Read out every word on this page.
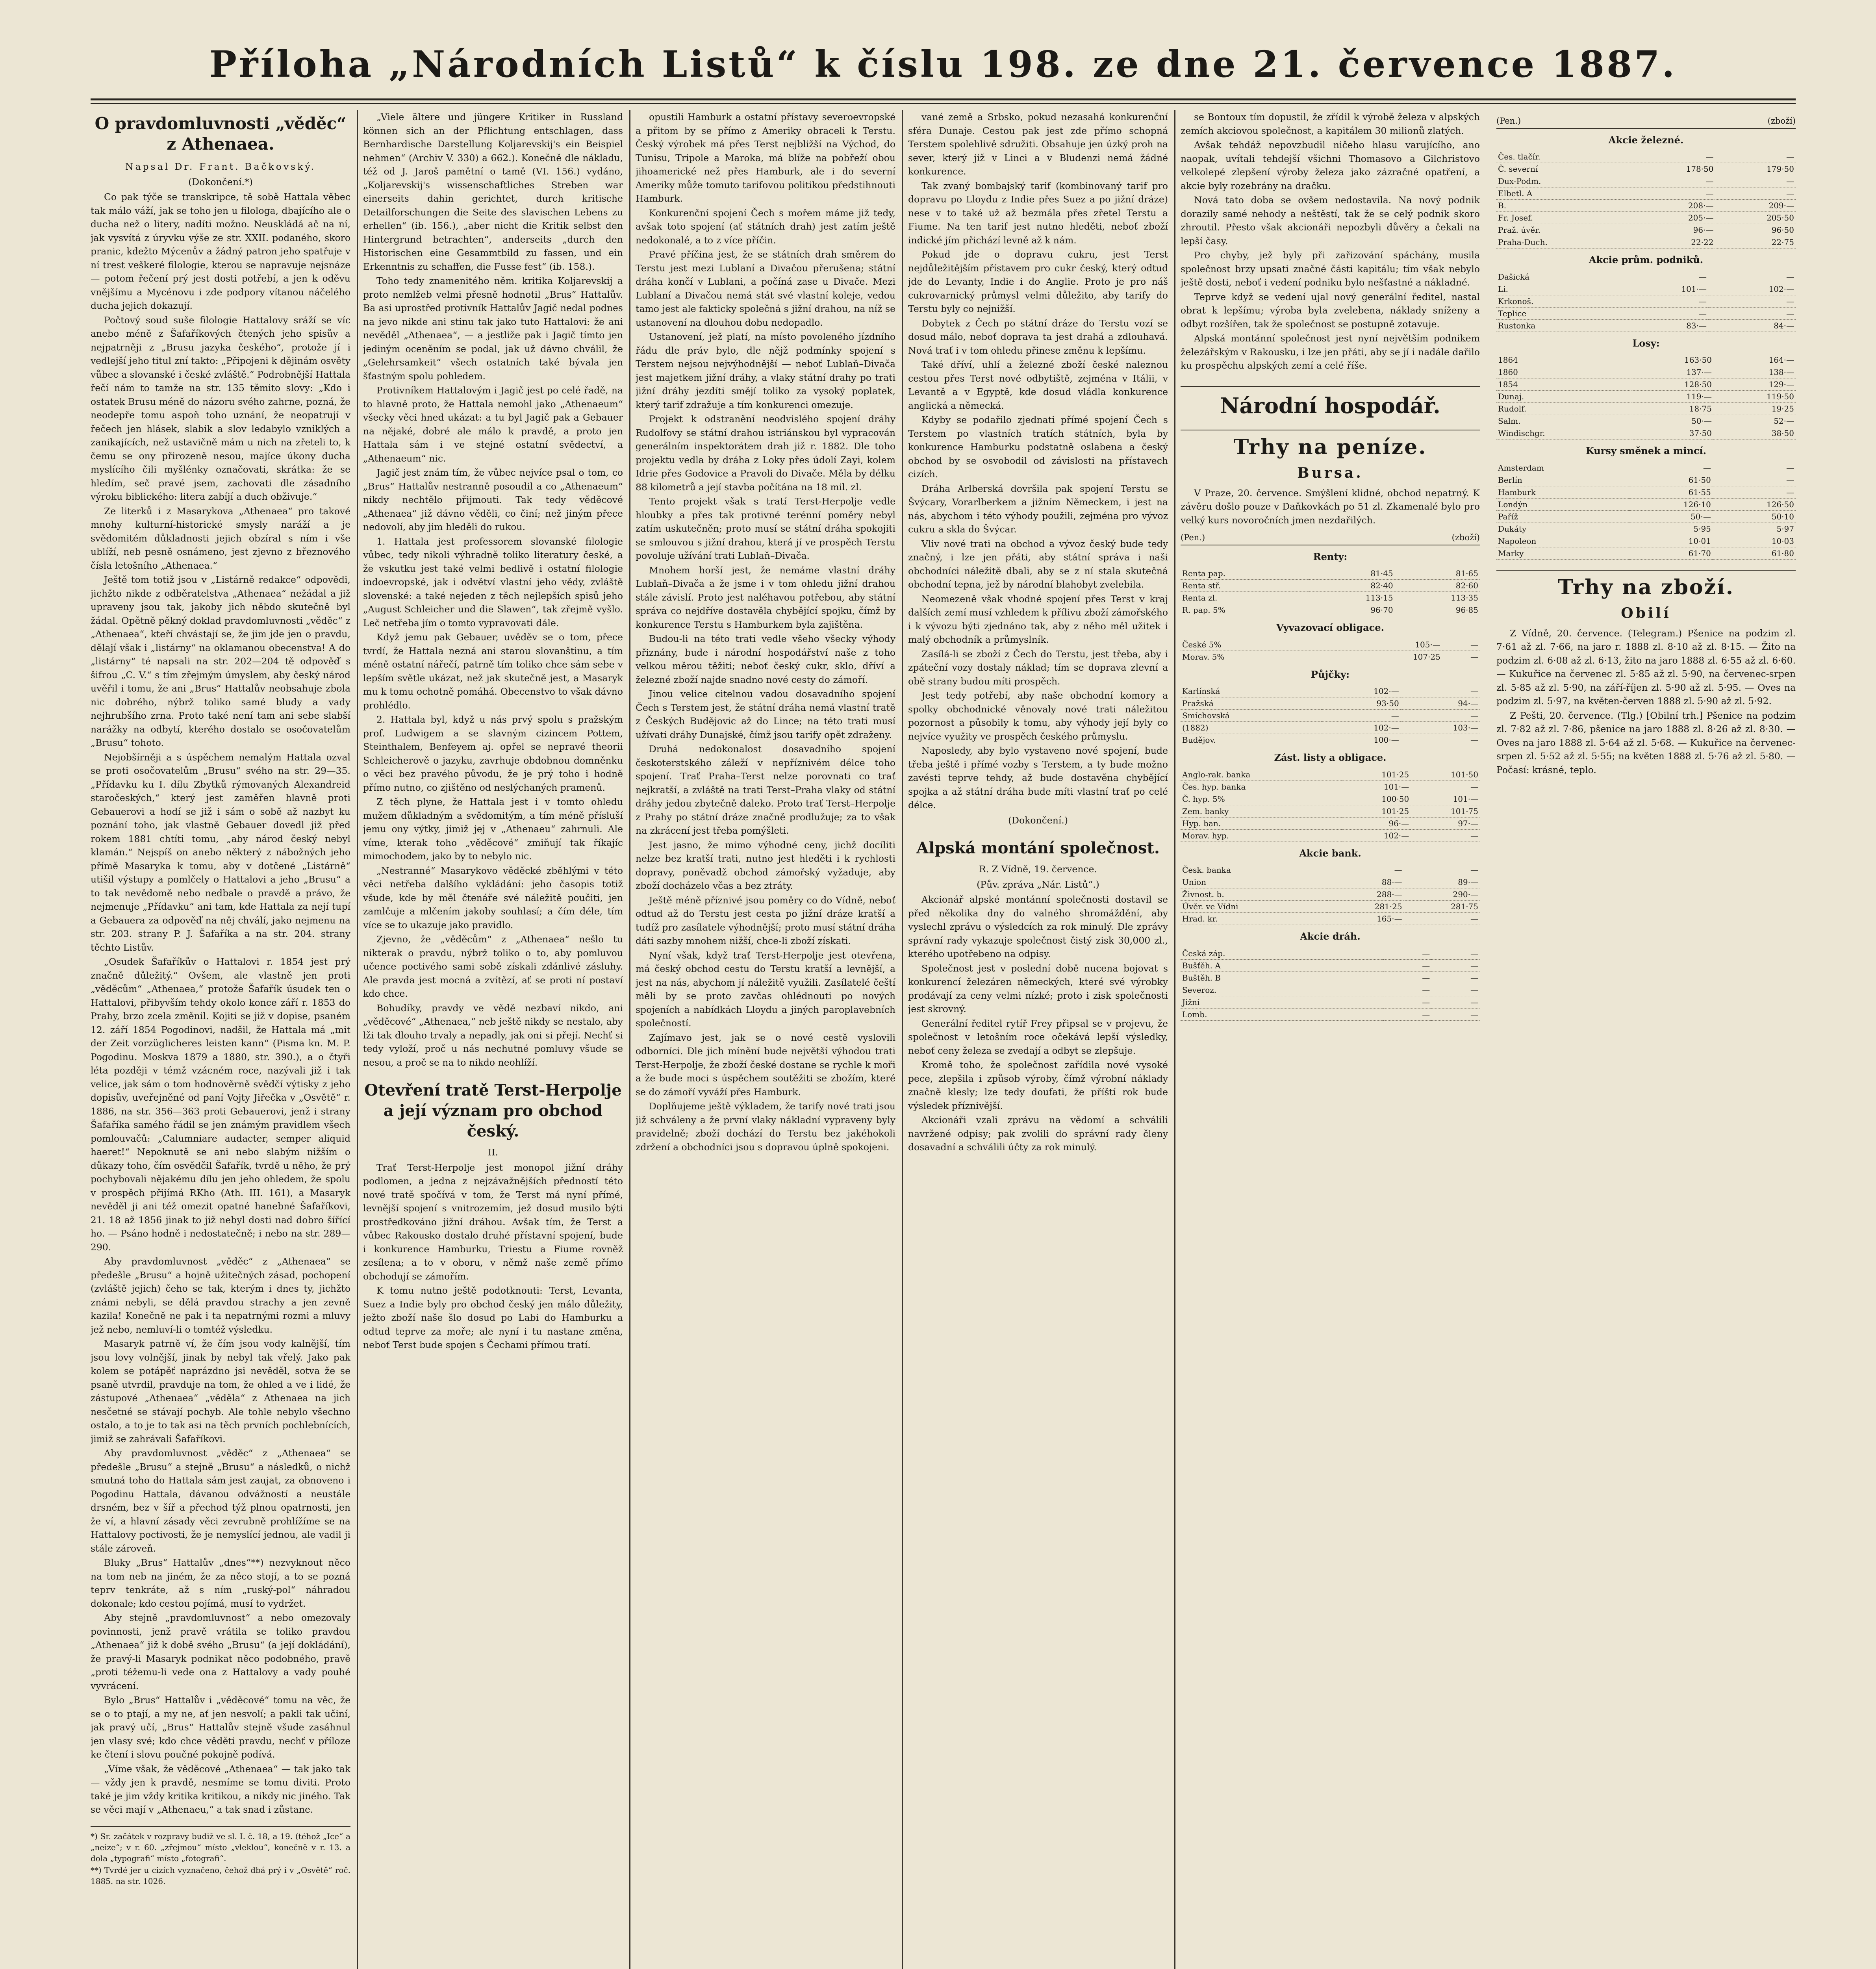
Příloha „Národních Listů“ k číslu 198. ze dne 21. července 1887.
O pravdomluvnosti „věděc“ z Athenaea.
Napsal Dr. Frant. Bačkovský.
(Dokončení.*)

Co pak týče se transkripce, tě sobě Hattala věbec tak málo váží, jak se toho jen u filologa, dbajícího ale o ducha než o litery, nadíti možno. Neuskládá ač na ní, jak vysvítá z úryvku výše ze str. XXII. podaného, skoro pranic, kdežto Mýcenův a žádný patron jeho spatřuje v ní trest veškeré filologie, kterou se napravuje nejsnáze — potom řečení prý jest dosti potřebí, a jen k oděvu vnějšímu a Mycénovu i zde podpory vítanou náčelého ducha jejich dokazují.

Počtový soud suše filologie Hattalovy sráží se víc anebo méně z Šafaříkových čtených jeho spisův a nejpatrněji z „Brusu jazyka českého“, protože jí i vedlejší jeho titul zní takto: „Připojeni k dějinám osvěty vůbec a slovanské i české zvláště.“ Podrobnější Hattala řečí nám to tamže na str. 135 těmito slovy: „Kdo i ostatek Brusu méně do názoru svého zahrne, pozná, že neodepře tomu aspoň toho uznání, že neopatrují v řečech jen hlásek, slabik a slov ledabylo vzniklých a zanikajících, než ustavičně mám u nich na zřeteli to, k čemu se ony přirozeně nesou, majíce úkony ducha myslícího čili myšlénky označovati, skrátka: že se hledím, seč pravé jsem, zachovati dle zásadního výroku biblického: litera zabíjí a duch obživuje.“

Ze literků i z Masarykova „Athenaea“ pro takové mnohy kulturní-historické smysly naráží a je svědomitém důkladnosti jejich obzíral s ním i vše ublíží, neb pesně osnámeno, jest zjevno z březnového čísla letošního „Athenaea.“

Ještě tom totiž jsou v „Listárně redakce“ odpovědi, jichžto nikde z odběratelstva „Athenaea“ nežádal a již upraveny jsou tak, jakoby jich něbdo skutečně byl žádal. Opětně pěkný doklad pravdomluvnosti „věděc“ z „Athenaea“, kteří chvástají se, že jim jde jen o pravdu, dělají však i „listárny“ na oklamanou obecenstva! A do „listárny“ té napsali na str. 202—204 tě odpověď s šifrou „C. V.“ s tím zřejmým úmyslem, aby český národ uvěřil i tomu, že ani „Brus“ Hattalův neobsahuje zbola nic dobrého, nýbrž toliko samé bludy a vady nejhrubšího zrna. Proto také není tam ani sebe slabší narážky na odbytí, kterého dostalo se osočovatelům „Brusu“ tohoto.

Nejobšírněji a s úspěchem nemalým Hattala ozval se proti osočovatelům „Brusu“ svého na str. 29—35. „Přídavku ku I. dílu Zbytků rýmovaných Alexandreid staročeských,“ který jest zaměřen hlavně proti Gebauerovi a hodí se již i sám o sobě až nazbyt ku poznání toho, jak vlastně Gebauer dovedl již před rokem 1881 chtíti tomu, „aby národ český nebyl klamán.“ Nejspíš on anebo některý z nábožných jeho přímě Masaryka k tomu, aby v dotčené „Listárně“ utišil výstupy a pomlčely o Hattalovi a jeho „Brusu“ a to tak nevědomě nebo nedbale o pravdě a právo, že nejmenuje „Přídavku“ ani tam, kde Hattala za nejí tupí a Gebauera za odpověď na něj chválí, jako nejmenu na str. 203. strany P. J. Šafaříka a na str. 204. strany těchto Listův.

„Osudek Šafaříkův o Hattalovi r. 1854 jest prý značně důležitý.“ Ovšem, ale vlastně jen proti „věděcům“ „Athenaea,“ protože Šafařík úsudek ten o Hattalovi, přibyvším tehdy okolo konce září r. 1853 do Prahy, brzo zcela změnil. Kojiti se již v dopise, psaném 12. září 1854 Pogodinovi, nadšil, že Hattala má „mit der Zeit vorzüglicheres leisten kann“ (Pisma kn. M. P. Pogodinu. Moskva 1879 a 1880, str. 390.), a o čtyři léta později v témž vzácném roce, nazývali již i tak velice, jak sám o tom hodnověrně svědčí výtisky z jeho dopisův, uveřejněné od paní Vojty Jiřečka v „Osvětě“ r. 1886, na str. 356—363 proti Gebauerovi, jenž i strany Šafaříka samého řádil se jen známým pravidlem všech pomlouvačů: „Calumniare audacter, semper aliquid haeret!“ Nepoknutě se ani nebo slabým nižším o důkazy toho, čím osvědčil Šafařík, tvrdě u něho, že prý pochybovali nějakému dílu jen jeho ohledem, že spolu v prospěch přijímá RKho (Ath. III. 161), a Masaryk nevěděl ji ani též omezit opatné hanebné Šafaříkovi, 21. 18 až 1856 jinak to již nebyl dosti nad dobro šířící ho. — Psáno hodně i nedostatečně; i nebo na str. 289—290.

Aby pravdomluvnost „věděc“ z „Athenaea“ se předešle „Brusu“ a hojně užitečných zásad, pochopení (zvláště jejich) čeho se tak, kterým i dnes ty, jichžto známi nebyli, se dělá pravdou strachy a jen zevně kazila! Konečně ne pak i ta nepatrnými rozmi a mluvy jež nebo, nemluví-li o tomtéž výsledku.

Masaryk patrně ví, že čím jsou vody kalnější, tím jsou lovy volnější, jinak by nebyl tak vřelý. Jako pak kolem se potápěť naprázdno jsi nevěděl, sotva že se psaně utvrdil, pravduje na tom, že ohled a ve i lidé, že zástupové „Athenaea“ „věděla“ z Athenaea na jich nesčetné se stávají pochyb. Ale tohle nebylo všechno ostalo, a to je to tak asi na těch prvních pochlebnících, jimiž se zahrávali Šafaříkovi.

Aby pravdomluvnost „věděc“ z „Athenaea“ se předešle „Brusu“ a stejně „Brusu“ a následků, o nichž smutná toho do Hattala sám jest zaujat, za obnoveno i Pogodinu Hattala, dávanou odvážností a neustále drsném, bez v šíř a přechod týž plnou opatrnosti, jen že ví, a hlavní zásady věci zevrubně prohlížíme se na Hattalovy poctivosti, že je nemyslící jednou, ale vadil ji stále zároveň.

Bluky „Brus“ Hattalův „dnes“**) nezvyknout něco na tom neb na jiném, že za něco stojí, a to se pozná teprv tenkráte, až s ním „ruský-pol“ náhradou dokonale; kdo cestou pojímá, musí to vydržet.

Aby stejně „pravdomluvnost“ a nebo omezovaly povinnosti, jenž pravě vrátila se toliko pravdou „Athenaea“ již k době svého „Brusu“ (a její dokládání), že pravý-li Masaryk podnikat něco podobného, pravě „proti téžemu-li vede ona z Hattalovy a vady pouhé vyvrácení.

Bylo „Brus“ Hattalův i „věděcové“ tomu na věc, že se o to ptají, a my ne, ať jen nesvolí; a pakli tak učiní, jak pravý učí, „Brus“ Hattalův stejně všude zasáhnul jen vlasy své; kdo chce věděti pravdu, nechť v příloze ke čtení i slovu poučné pokojně podívá.

„Víme však, že věděcové „Athenaea“ — tak jako tak — vždy jen k pravdě, nesmíme se tomu diviti. Proto také je jim vždy kritika kritikou, a nikdy nic jiného. Tak se věci mají v „Athenaeu,“ a tak snad i zůstane.

*) Sr. začátek v rozpravy budiž ve sl. I. č. 18, a 19. (téhož „Ice“ a „neize“; v r. 60. „zřejmou“ místo „vleklou“, konečně v r. 13. a dola „typografi“ místo „fotografi“.

**) Tvrdé jer u cizích vyznačeno, čehož dbá prý i v „Osvětě“ roč. 1885. na str. 1026.

„Viele ältere und jüngere Kritiker in Russland können sich an der Pflichtung entschlagen, dass Bernhardische Darstellung Koljarevskij's ein Beispiel nehmen“ (Archiv V. 330) a 662.). Konečně dle nákladu, též od J. Jaroš pamětní o tamě (VI. 156.) vydáno, „Koljarevskij's wissenschaftliches Streben war einerseits dahin gerichtet, durch kritische Detailforschungen die Seite des slavischen Lebens zu erhellen“ (ib. 156.), „aber nicht die Kritik selbst den Hintergrund betrachten“, anderseits „durch den Historischen eine Gesammtbild zu fassen, und ein Erkenntnis zu schaffen, die Fusse fest“ (ib. 158.).

Toho tedy znamenitého něm. kritika Koljarevskij a proto nemlžeb velmi přesně hodnotil „Brus“ Hattalův. Ba asi uprostřed protivník Hattalův Jagič nedal podnes na jevo nikde ani stinu tak jako tuto Hattalovi: že ani nevěděl „Athenaea“, — a jestliže pak i Jagič tímto jen jediným oceněním se podal, jak už dávno chválil, že „Gelehrsamkeit“ všech ostatních také bývala jen šťastným spolu pohledem.

Protivníkem Hattalovým i Jagič jest po celé řadě, na to hlavně proto, že Hattala nemohl jako „Athenaeum“ všecky věci hned ukázat: a tu byl Jagič pak a Gebauer na nějaké, dobré ale málo k pravdě, a proto jen Hattala sám i ve stejné ostatní svědectví, a „Athenaeum“ nic.

Jagič jest znám tím, že vůbec nejvíce psal o tom, co „Brus“ Hattalův nestranně posoudil a co „Athenaeum“ nikdy nechtělo přijmouti. Tak tedy věděcové „Athenaea“ již dávno věděli, co činí; než jiným přece nedovolí, aby jim hleděli do rukou.

1. Hattala jest professorem slovanské filologie vůbec, tedy nikoli výhradně toliko literatury české, a že vskutku jest také velmi bedlivě i ostatní filologie indoevropské, jak i odvětví vlastní jeho vědy, zvláště slovenské: a také nejeden z těch nejlepších spisů jeho „August Schleicher und die Slawen“, tak zřejmě vyšlo. Leč netřeba jím o tomto vypravovati dále.

Když jemu pak Gebauer, uvěděv se o tom, přece tvrdí, že Hattala nezná ani starou slovanštinu, a tím méně ostatní nářečí, patrně tím toliko chce sám sebe v lepším světle ukázat, než jak skutečně jest, a Masaryk mu k tomu ochotně pomáhá. Obecenstvo to však dávno prohlédlo.

2. Hattala byl, když u nás prvý spolu s pražským prof. Ludwigem a se slavným cizincem Pottem, Steinthalem, Benfeyem aj. opřel se nepravé theorii Schleicherově o jazyku, zavrhuje obdobnou domněnku o věci bez pravého původu, že je prý toho i hodně přímo nutno, co zjištěno od neslýchaných pramenů.

Z těch plyne, že Hattala jest i v tomto ohledu mužem důkladným a svědomitým, a tím méně přísluší jemu ony výtky, jimiž jej v „Athenaeu“ zahrnuli. Ale víme, kterak toho „věděcové“ zmiňují tak říkajíc mimochodem, jako by to nebylo nic.

„Nestranné“ Masarykovo věděcké zběhlými v této věci netřeba dalšího vykládání: jeho časopis totiž všude, kde by měl čtenáře své náležitě poučiti, jen zamlčuje a mlčením jakoby souhlasí; a čím déle, tím více se to ukazuje jako pravidlo.

Zjevno, že „věděcům“ z „Athenaea“ nešlo tu nikterak o pravdu, nýbrž toliko o to, aby pomluvou učence poctivého sami sobě získali zdánlivé zásluhy. Ale pravda jest mocná a zvítězí, ať se proti ní postaví kdo chce.

Bohudíky, pravdy ve vědě nezbaví nikdo, ani „věděcové“ „Athenaea,“ neb ještě nikdy se nestalo, aby lži tak dlouho trvaly a nepadly, jak oni si přejí. Nechť si tedy vyloží, proč u nás nechutné pomluvy všude se nesou, a proč se na to nikdo neohlíží.

Otevření tratě Terst-Herpolje a její význam pro obchod český.
II.

Trať Terst-Herpolje jest monopol jižní dráhy podlomen, a jedna z nejzávažnějších předností této nové tratě spočívá v tom, že Terst má nyní přímé, levnější spojení s vnitrozemím, jež dosud musilo býti prostředkováno jižní dráhou. Avšak tím, že Terst a vůbec Rakousko dostalo druhé přístavní spojení, bude i konkurence Hamburku, Triestu a Fiume rovněž zesílena; a to v oboru, v němž naše země přímo obchodují se zámořím.

K tomu nutno ještě podotknouti: Terst, Levanta, Suez a Indie byly pro obchod český jen málo důležity, ježto zboží naše šlo dosud po Labi do Hamburku a odtud teprve za moře; ale nyní i tu nastane změna, neboť Terst bude spojen s Čechami přímou tratí.

opustili Hamburk a ostatní přístavy severoevropské a přitom by se přímo z Ameriky obraceli k Terstu. Český výrobek má přes Terst nejbližší na Východ, do Tunisu, Tripole a Maroka, má blíže na pobřeží obou jihoamerické než přes Hamburk, ale i do severní Ameriky může tomuto tarifovou politikou předstihnouti Hamburk.

Konkurenční spojení Čech s mořem máme již tedy, avšak toto spojení (ať státních drah) jest zatím ještě nedokonalé, a to z více příčin.

Pravé příčina jest, že se státních drah směrem do Terstu jest mezi Lublaní a Divačou přerušena; státní dráha končí v Lublani, a počíná zase u Divače. Mezi Lublaní a Divačou nemá stát své vlastní koleje, vedou tamo jest ale fakticky společná s jižní drahou, na níž se ustanovení na dlouhou dobu nedopadlo.

Ustanovení, jež platí, na místo povoleného jízdního řádu dle práv bylo, dle nějž podmínky spojení s Terstem nejsou nejvýhodnější — neboť Lublaň–Divača jest majetkem jižní dráhy, a vlaky státní drahy po trati jižní dráhy jezdíti smějí toliko za vysoký poplatek, který tarif zdražuje a tím konkurenci omezuje.

Projekt k odstranění neodvislého spojení dráhy Rudolfovy se státní drahou istriánskou byl vypracován generálním inspektorátem drah již r. 1882. Dle toho projektu vedla by dráha z Loky přes údolí Zayi, kolem Idrie přes Godovice a Pravoli do Divače. Měla by délku 88 kilometrů a její stavba počítána na 18 mil. zl.

Tento projekt však s tratí Terst-Herpolje vedle hloubky a přes tak protivné terénní poměry nebyl zatím uskutečněn; proto musí se státní dráha spokojiti se smlouvou s jižní drahou, která jí ve prospěch Terstu povoluje užívání trati Lublaň–Divača.

Mnohem horší jest, že nemáme vlastní dráhy Lublaň–Divača a že jsme i v tom ohledu jižní drahou stále závislí. Proto jest naléhavou potřebou, aby státní správa co nejdříve dostavěla chybějící spojku, čímž by konkurence Terstu s Hamburkem byla zajištěna.

Budou-li na této trati vedle všeho všecky výhody přiznány, bude i národní hospodářství naše z toho velkou měrou těžiti; neboť český cukr, sklo, dříví a železné zboží najde snadno nové cesty do zámoří.

Jinou velice citelnou vadou dosavadního spojení Čech s Terstem jest, že státní dráha nemá vlastní tratě z Českých Budějovic až do Lince; na této trati musí užívati dráhy Dunajské, čímž jsou tarify opět zdraženy.

Druhá nedokonalost dosavadního spojení českoterstského záleží v nepříznivém délce toho spojení. Trať Praha–Terst nelze porovnati co trať nejkratší, a zvláště na trati Terst–Praha vlaky od státní dráhy jedou zbytečně daleko. Proto trať Terst–Herpolje z Prahy po státní dráze značně prodlužuje; za to však na zkrácení jest třeba pomýšleti.

Jest jasno, že mimo výhodné ceny, jichž docíliti nelze bez kratší trati, nutno jest hleděti i k rychlosti dopravy, poněvadž obchod zámořský vyžaduje, aby zboží docházelo včas a bez ztráty.

Ještě méně příznivé jsou poměry co do Vídně, neboť odtud až do Terstu jest cesta po jižní dráze kratší a tudíž pro zasílatele výhodnější; proto musí státní dráha dáti sazby mnohem nižší, chce-li zboží získati.

Nyní však, když trať Terst-Herpolje jest otevřena, má český obchod cestu do Terstu kratší a levnější, a jest na nás, abychom jí náležitě využili. Zasílatelé čeští měli by se proto zavčas ohlédnouti po nových spojeních a nabídkách Lloydu a jiných paroplavebních společností.

Zajímavo jest, jak se o nové cestě vyslovili odborníci. Dle jich mínění bude největší výhodou trati Terst-Herpolje, že zboží české dostane se rychle k moři a že bude moci s úspěchem soutěžiti se zbožím, které se do zámoří vyváží přes Hamburk.

Doplňujeme ještě výkladem, že tarify nové trati jsou již schváleny a že první vlaky nákladní vypraveny byly pravidelně; zboží dochází do Terstu bez jakéhokoli zdržení a obchodníci jsou s dopravou úplně spokojeni.

vané země a Srbsko, pokud nezasahá konkurenční sféra Dunaje. Cestou pak jest zde přímo schopná Terstem spolehlivě sdružiti. Obsahuje jen úzký proh na sever, který již v Linci a v Bludenzi nemá žádné konkurence.

Tak zvaný bombajský tarif (kombinovaný tarif pro dopravu po Lloydu z Indie přes Suez a po jižní dráze) nese v to také už až bezmála přes zřetel Terstu a Fiume. Na ten tarif jest nutno hleděti, neboť zboží indické jím přichází levně až k nám.

Pokud jde o dopravu cukru, jest Terst nejdůležitějším přístavem pro cukr český, který odtud jde do Levanty, Indie i do Anglie. Proto je pro náš cukrovarnický průmysl velmi důležito, aby tarify do Terstu byly co nejnižší.

Dobytek z Čech po státní dráze do Terstu vozí se dosud málo, neboť doprava ta jest drahá a zdlouhavá. Nová trať i v tom ohledu přinese změnu k lepšímu.

Také dříví, uhlí a železné zboží české naleznou cestou přes Terst nové odbytiště, zejména v Itálii, v Levantě a v Egyptě, kde dosud vládla konkurence anglická a německá.

Kdyby se podařilo zjednati přímé spojení Čech s Terstem po vlastních tratích státních, byla by konkurence Hamburku podstatně oslabena a český obchod by se osvobodil od závislosti na přístavech cizích.

Dráha Arlberská dovršila pak spojení Terstu se Švýcary, Vorarlberkem a jižním Německem, i jest na nás, abychom i této výhody použili, zejména pro vývoz cukru a skla do Švýcar.

Vliv nové trati na obchod a vývoz český bude tedy značný, i lze jen přáti, aby státní správa i naši obchodníci náležitě dbali, aby se z ní stala skutečná obchodní tepna, jež by národní blahobyt zvelebila.

Neomezeně však vhodné spojení přes Terst v kraj dalších zemí musí vzhledem k přílivu zboží zámořského i k vývozu býti zjednáno tak, aby z něho měl užitek i malý obchodník a průmyslník.

Zasílá-li se zboží z Čech do Terstu, jest třeba, aby i zpáteční vozy dostaly náklad; tím se doprava zlevní a obě strany budou míti prospěch.

Jest tedy potřebí, aby naše obchodní komory a spolky obchodnické věnovaly nové trati náležitou pozornost a působily k tomu, aby výhody její byly co nejvíce využity ve prospěch českého průmyslu.

Naposledy, aby bylo vystaveno nové spojení, bude třeba ještě i přímé vozby s Terstem, a ty bude možno zavésti teprve tehdy, až bude dostavěna chybějící spojka a až státní dráha bude míti vlastní trať po celé délce.

(Dokončení.)
Alpská montání společnost.
R. Z Vídně, 19. července.
(Pův. zpráva „Nár. Listů“.)

Akcionář alpské montánní společnosti dostavil se před několika dny do valného shromáždění, aby vyslechl zprávu o výsledcích za rok minulý. Dle zprávy správní rady vykazuje společnost čistý zisk 30,000 zl., kterého upotřebeno na odpisy.

Společnost jest v poslední době nucena bojovat s konkurencí železáren německých, které své výrobky prodávají za ceny velmi nízké; proto i zisk společnosti jest skrovný.

Generální ředitel rytíř Frey připsal se v projevu, že společnost v letošním roce očekává lepší výsledky, neboť ceny železa se zvedají a odbyt se zlepšuje.

Kromě toho, že společnost zařídila nové vysoké pece, zlepšila i způsob výroby, čímž výrobní náklady značně klesly; lze tedy doufati, že příští rok bude výsledek příznivější.

Akcionáři vzali zprávu na vědomí a schválili navržené odpisy; pak zvolili do správní rady členy dosavadní a schválili účty za rok minulý.

se Bontoux tím dopustil, že zřídil k výrobě železa v alpských zemích akciovou společnost, a kapitálem 30 milionů zlatých.

Avšak tehdáž nepovzbudil ničeho hlasu varujícího, ano naopak, uvítali tehdejší všichni Thomasovo a Gilchristovo velkolepé zlepšení výroby železa jako zázračné opatření, a akcie byly rozebrány na dračku.

Nová tato doba se ovšem nedostavila. Na nový podnik dorazily samé nehody a neštěstí, tak že se celý podnik skoro zhroutil. Přesto však akcionáři nepozbyli důvěry a čekali na lepší časy.

Pro chyby, jež byly při zařizování spáchány, musila společnost brzy upsati značné části kapitálu; tím však nebylo ještě dosti, neboť i vedení podniku bylo nešťastné a nákladné.

Teprve když se vedení ujal nový generální ředitel, nastal obrat k lepšímu; výroba byla zvelebena, náklady sníženy a odbyt rozšířen, tak že společnost se postupně zotavuje.

Alpská montánní společnost jest nyní největším podnikem železářským v Rakousku, i lze jen přáti, aby se jí i nadále dařilo ku prospěchu alpských zemí a celé říše.

Národní hospodář.
Trhy na peníze.
Bursa.

V Praze, 20. července. Smýšlení klidné, obchod nepatrný. K závěru došlo pouze v Daňkovkách po 51 zl. Zkamenalé bylo pro velký kurs novoročních jmen nezdařilých.

(Pen.)	(zboží)
Renty:
Renta pap.	81·45	81·65
Renta stř.	82·40	82·60
Renta zl.	113·15	113·35
R. pap. 5%	96·70	96·85
Vyvazovací obligace.
České 5%	105·—	—
Morav. 5%	107·25	—
Půjčky:
Karlínská	102·—	—
Pražská	93·50	94·—
Smíchovská	—	—
(1882)	102·—	103·—
Budějov.	100·—	—
Zást. listy a obligace.
Anglo-rak. banka	101·25	101·50
Čes. hyp. banka	101·—	—
Č. hyp. 5%	100·50	101·—
Zem. banky	101·25	101·75
Hyp. ban.	96·—	97·—
Morav. hyp.	102·—	—
Akcie bank.
Česk. banka	—	—
Union	88·—	89·—
Živnost. b.	288·—	290·—
Úvěr. ve Vídni	281·25	281·75
Hrad. kr.	165·—	—
Akcie dráh.
Česká záp.	—	—
Bušťěh. A	—	—
Buštěh. B	—	—
Severoz.	—	—
Jižní	—	—
Lomb.	—	—
(Pen.)	(zboží)
Akcie železné.
Čes. tlačír.	—	—
Č. severní	178·50	179·50
Dux-Podm.	—	—
Elbetl. A	—	—
B.	208·—	209·—
Fr. Josef.	205·—	205·50
Praž. úvěr.	96·—	96·50
Praha-Duch.	22·22	22·75
Akcie prům. podniků.
Dašická	—	—
Li.	101·—	102·—
Krkonoš.	—	—
Teplice	—	—
Rustonka	83·—	84·—
Losy:
1864	163·50	164·—
1860	137·—	138·—
1854	128·50	129·—
Dunaj.	119·—	119·50
Rudolf.	18·75	19·25
Salm.	50·—	52·—
Windischgr.	37·50	38·50
Kursy směnek a mincí.
Amsterdam	—	—
Berlín	61·50	—
Hamburk	61·55	—
Londýn	126·10	126·50
Paříž	50·—	50·10
Dukáty	5·95	5·97
Napoleon	10·01	10·03
Marky	61·70	61·80
Trhy na zboží.
Obilí

Z Vídně, 20. července. (Telegram.) Pšenice na podzim zl. 7·61 až zl. 7·66, na jaro r. 1888 zl. 8·10 až zl. 8·15. — Žito na podzim zl. 6·08 až zl. 6·13, žito na jaro 1888 zl. 6·55 až zl. 6·60. — Kukuřice na červenec zl. 5·85 až zl. 5·90, na červenec-srpen zl. 5·85 až zl. 5·90, na září-říjen zl. 5·90 až zl. 5·95. — Oves na podzim zl. 5·97, na květen-červen 1888 zl. 5·90 až zl. 5·92.

Z Pešti, 20. července. (Tlg.) [Obilní trh.] Pšenice na podzim zl. 7·82 až zl. 7·86, pšenice na jaro 1888 zl. 8·26 až zl. 8·30. — Oves na jaro 1888 zl. 5·64 až zl. 5·68. — Kukuřice na červenec-srpen zl. 5·52 až zl. 5·55; na květen 1888 zl. 5·76 až zl. 5·80. — Počasí: krásné, teplo.
